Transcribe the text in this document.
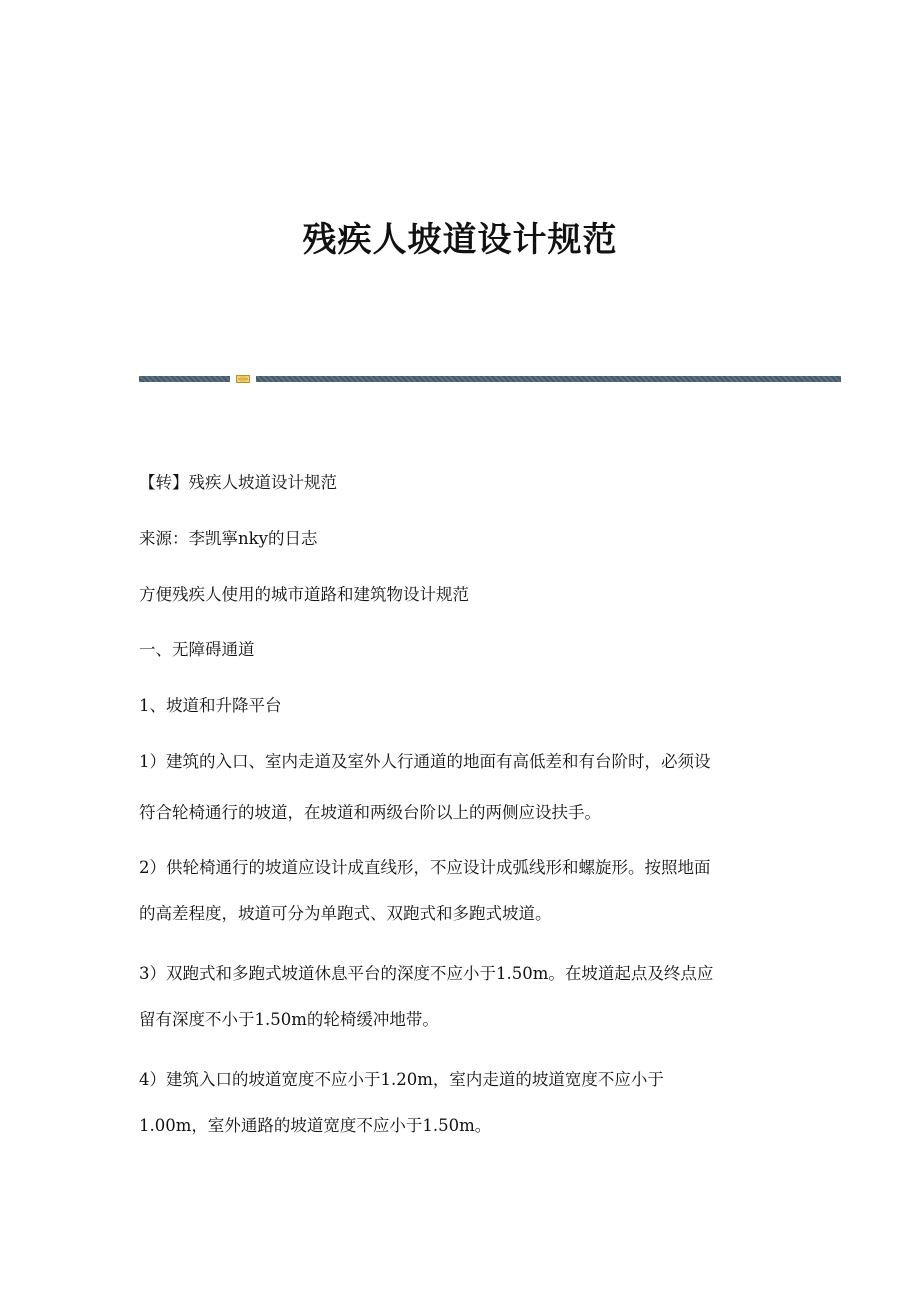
残疾人坡道设计规范

【转】残疾人坡道设计规范

来源：李凯寧nky的日志

方便残疾人使用的城市道路和建筑物设计规范

一、无障碍通道

1、坡道和升降平台

1）建筑的入口、室内走道及室外人行通道的地面有高低差和有台阶时，必须设

符合轮椅通行的坡道，在坡道和两级台阶以上的两侧应设扶手。

2）供轮椅通行的坡道应设计成直线形，不应设计成弧线形和螺旋形。按照地面

的高差程度，坡道可分为单跑式、双跑式和多跑式坡道。

3）双跑式和多跑式坡道休息平台的深度不应小于1.50m。在坡道起点及终点应

留有深度不小于1.50m的轮椅缓冲地带。

4）建筑入口的坡道宽度不应小于1.20m，室内走道的坡道宽度不应小于

1.00m，室外通路的坡道宽度不应小于1.50m。
